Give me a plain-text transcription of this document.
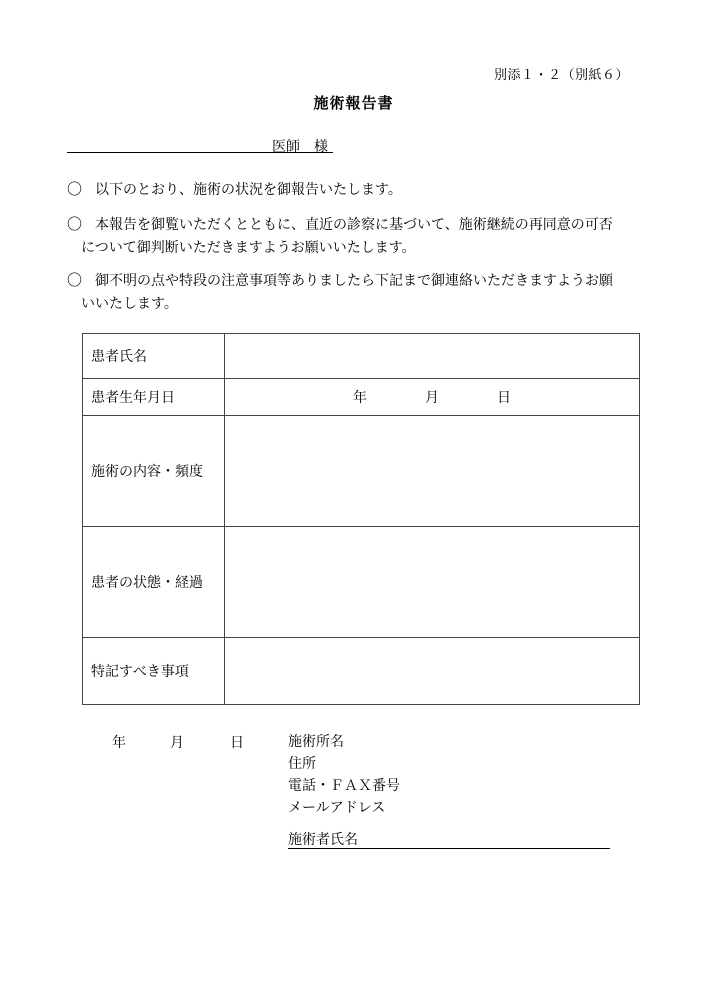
別添１・２（別紙６）
施術報告書
医師　様
〇 以下のとおり、施術の状況を御報告いたします。
〇 本報告を御覧いただくとともに、直近の診察に基づいて、施術継続の再同意の可否
について御判断いただきますようお願いいたします。
〇 御不明の点や特段の注意事項等ありましたら下記まで御連絡いただきますようお願
いいたします。
患者氏名	
患者生年月日	年 月 日

施術の内容・頻度	
患者の状態・経過	
特記すべき事項	
年	月	日	施術所名
住所
電話・ＦＡＸ番号
メールアドレス
施術者氏名
